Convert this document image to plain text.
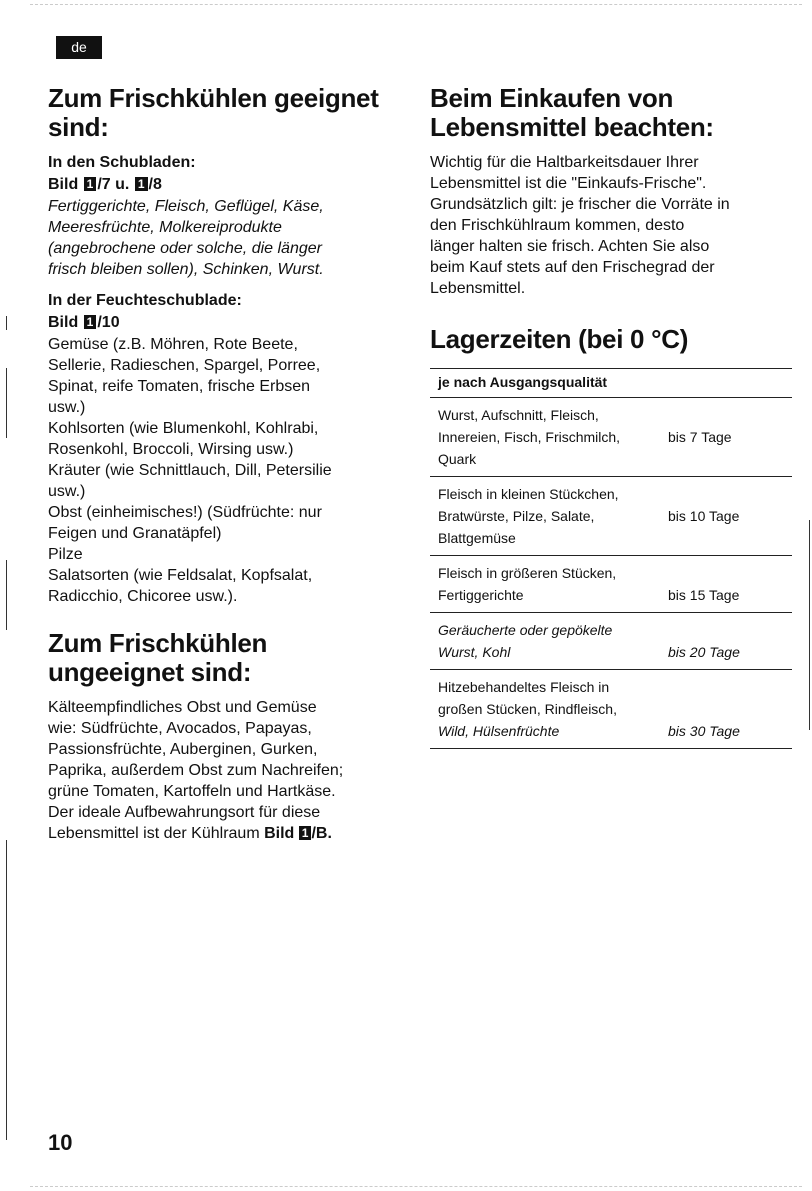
de
Zum Frischkühlen geeignet
sind:
In den Schubladen:
Bild 1 /7 u. 1 /8

Fertiggerichte, Fleisch, Geflügel, Käse,
Meeresfrüchte, Molkereiprodukte
(angebrochene oder solche, die länger
frisch bleiben sollen), Schinken, Wurst.

In der Feuchteschublade:
Bild 1 /10

Gemüse (z.B. Möhren, Rote Beete,
Sellerie, Radieschen, Spargel, Porree,
Spinat, reife Tomaten, frische Erbsen
usw.)
Kohlsorten (wie Blumenkohl, Kohlrabi,
Rosenkohl, Broccoli, Wirsing usw.)
Kräuter (wie Schnittlauch, Dill, Petersilie
usw.)
Obst (einheimisches!) (Südfrüchte: nur
Feigen und Granatäpfel)
Pilze
Salatsorten (wie Feldsalat, Kopfsalat,
Radicchio, Chicoree usw.).

Zum Frischkühlen
ungeeignet sind:

Kälteempfindliches Obst und Gemüse
wie: Südfrüchte, Avocados, Papayas,
Passionsfrüchte, Auberginen, Gurken,
Paprika, außerdem Obst zum Nachreifen;
grüne Tomaten, Kartoffeln und Hartkäse.
Der ideale Aufbewahrungsort für diese
Lebensmittel ist der Kühlraum Bild 1 /B.

Beim Einkaufen von
Lebensmittel beachten:

Wichtig für die Haltbarkeitsdauer Ihrer
Lebensmittel ist die "Einkaufs-Frische".
Grundsätzlich gilt: je frischer die Vorräte in
den Frischkühlraum kommen, desto
länger halten sie frisch. Achten Sie also
beim Kauf stets auf den Frischegrad der
Lebensmittel.

Lagerzeiten (bei 0 °C)
je nach Ausgangsqualität	

Wurst, Aufschnitt, Fleisch,
Innereien, Fisch, Frischmilch,
Quark	bis 7 Tage

Fleisch in kleinen Stückchen,
Bratwürste, Pilze, Salate,
Blattgemüse	bis 10 Tage

Fleisch in größeren Stücken,
Fertiggerichte	bis 15 Tage

Geräucherte oder gepökelte
Wurst, Kohl	bis 20 Tage

Hitzebehandeltes Fleisch in
großen Stücken, Rindfleisch,
Wild, Hülsenfrüchte	bis 30 Tage
10
